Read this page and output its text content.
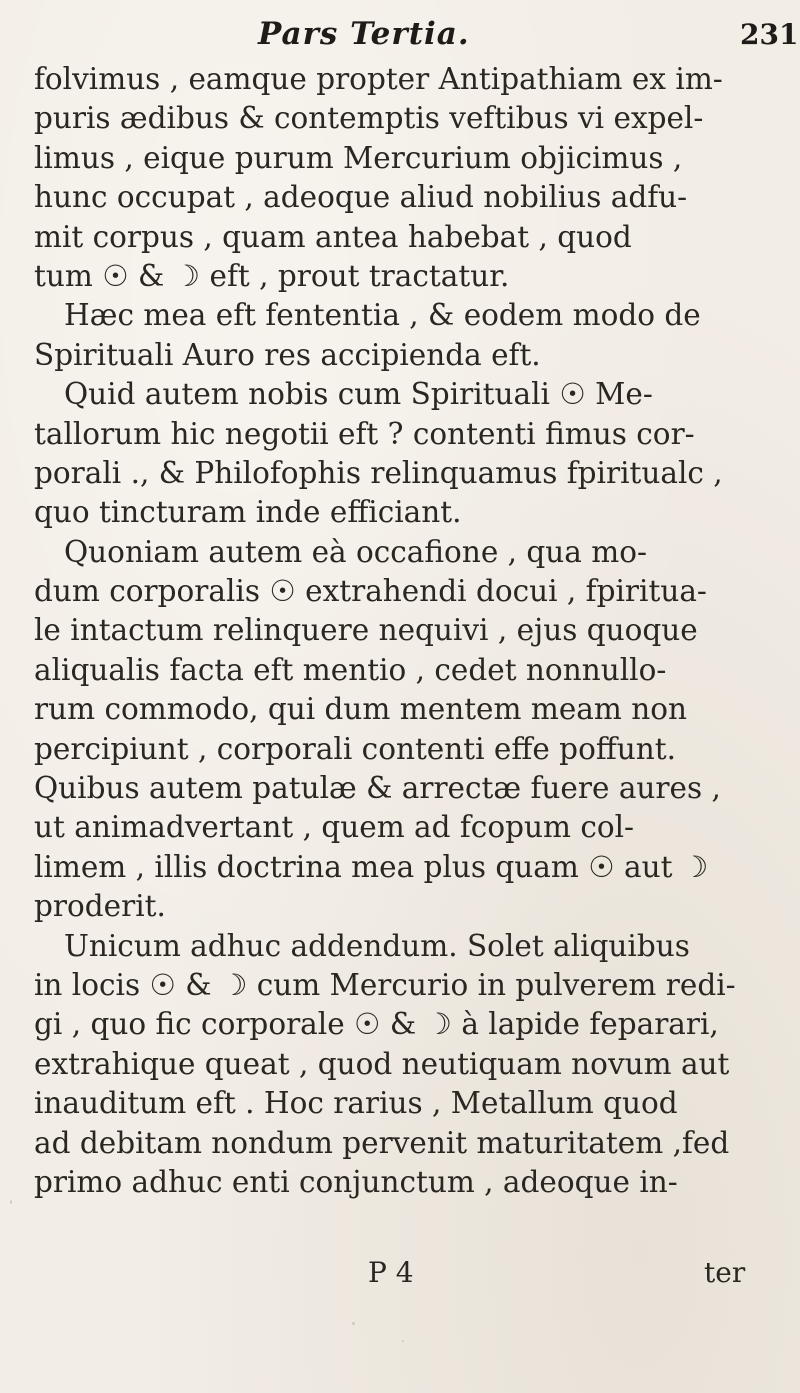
Pars Tertia.	231
folvimus , eamque propter Antipathiam ex im-
puris ædibus & contemptis veftibus vi expel-
limus , eique purum Mercurium objicimus ,
hunc occupat , adeoque aliud nobilius adfu-
mit corpus , quam antea habebat , quod
tum ☉ & ☽ eft , prout tractatur.
Hæc mea eft fententia , & eodem modo de
Spirituali Auro res accipienda eft.
Quid autem nobis cum Spirituali ☉ Me-
tallorum hic negotii eft ? contenti fimus cor-
porali ., & Philofophis relinquamus fpiritualc ,
quo tincturam inde efficiant.
Quoniam autem eà occafione , qua mo-
dum corporalis ☉ extrahendi docui , fpiritua-
le intactum relinquere nequivi , ejus quoque
aliqualis facta eft mentio , cedet nonnullo-
rum commodo, qui dum mentem meam non
percipiunt , corporali contenti effe poffunt.
Quibus autem patulæ & arrectæ fuere aures ,
ut animadvertant , quem ad fcopum col-
limem , illis doctrina mea plus quam ☉ aut ☽
proderit.
Unicum adhuc addendum. Solet aliquibus
in locis ☉ & ☽ cum Mercurio in pulverem redi-
gi , quo fic corporale ☉ & ☽ à lapide feparari,
extrahique queat , quod neutiquam novum aut
inauditum eft . Hoc rarius , Metallum quod
ad debitam nondum pervenit maturitatem ,fed
primo adhuc enti conjunctum , adeoque in-
P 4	ter
